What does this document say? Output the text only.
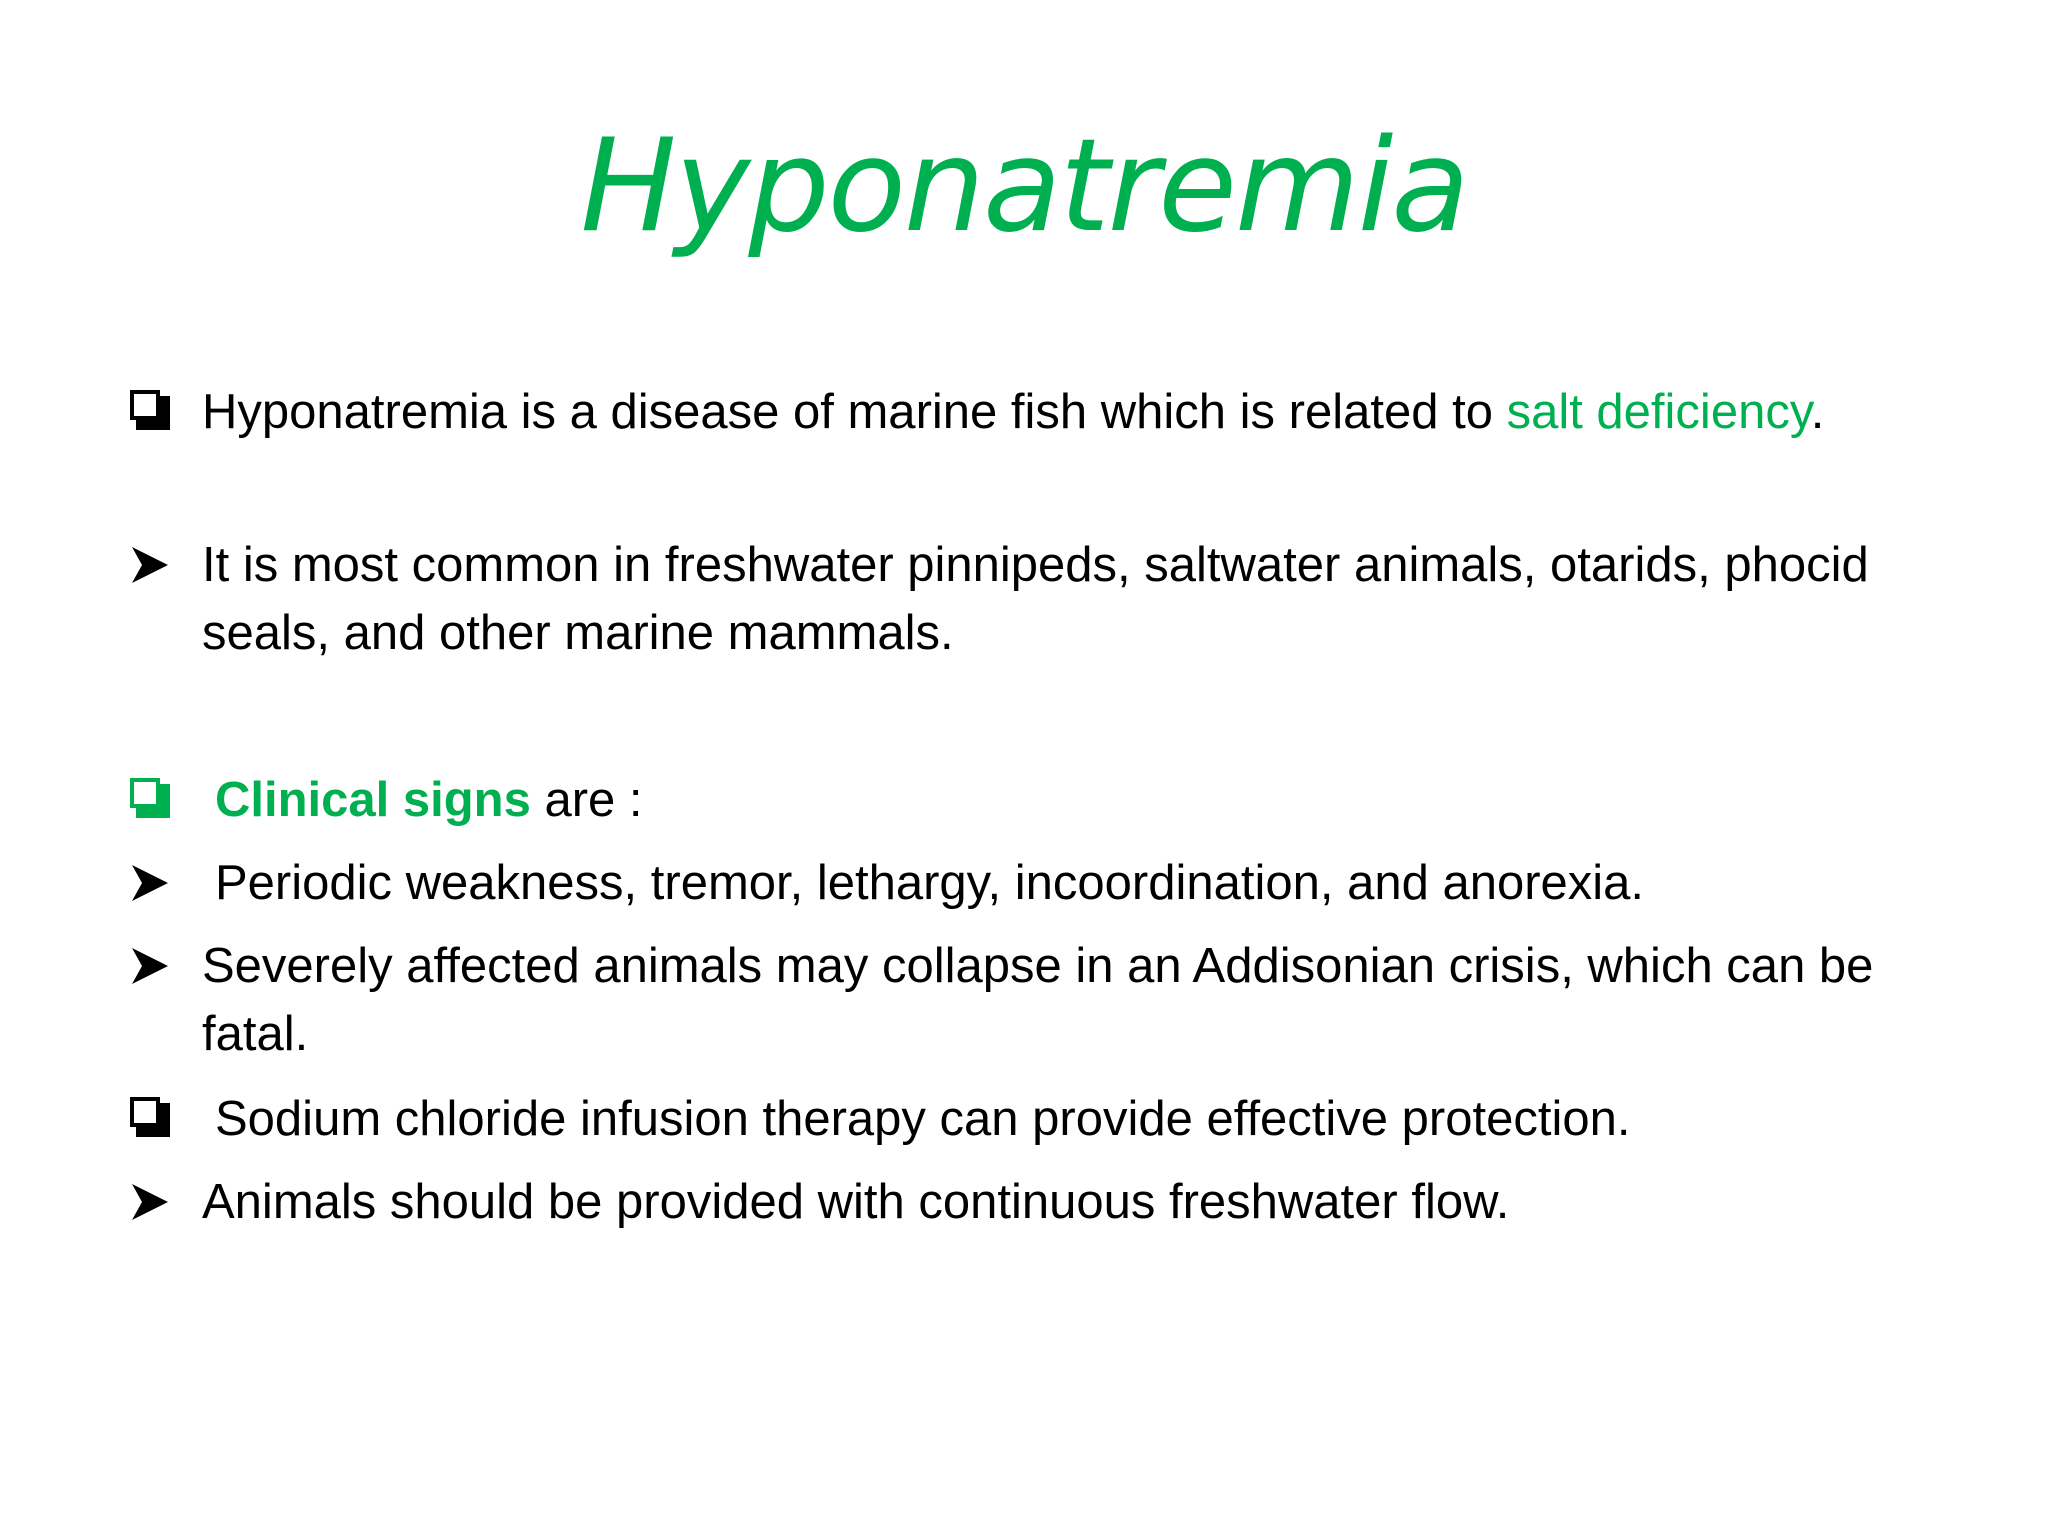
Hyponatremia
Hyponatremia is a disease of marine fish which is related to salt deficiency.
It is most common in freshwater pinnipeds, saltwater animals, otarids, phocid seals, and other marine mammals.
Clinical signs are :
Periodic weakness, tremor, lethargy, incoordination, and anorexia.
Severely affected animals may collapse in an Addisonian crisis, which can be fatal.
Sodium chloride infusion therapy can provide effective protection.
Animals should be provided with continuous freshwater flow.
